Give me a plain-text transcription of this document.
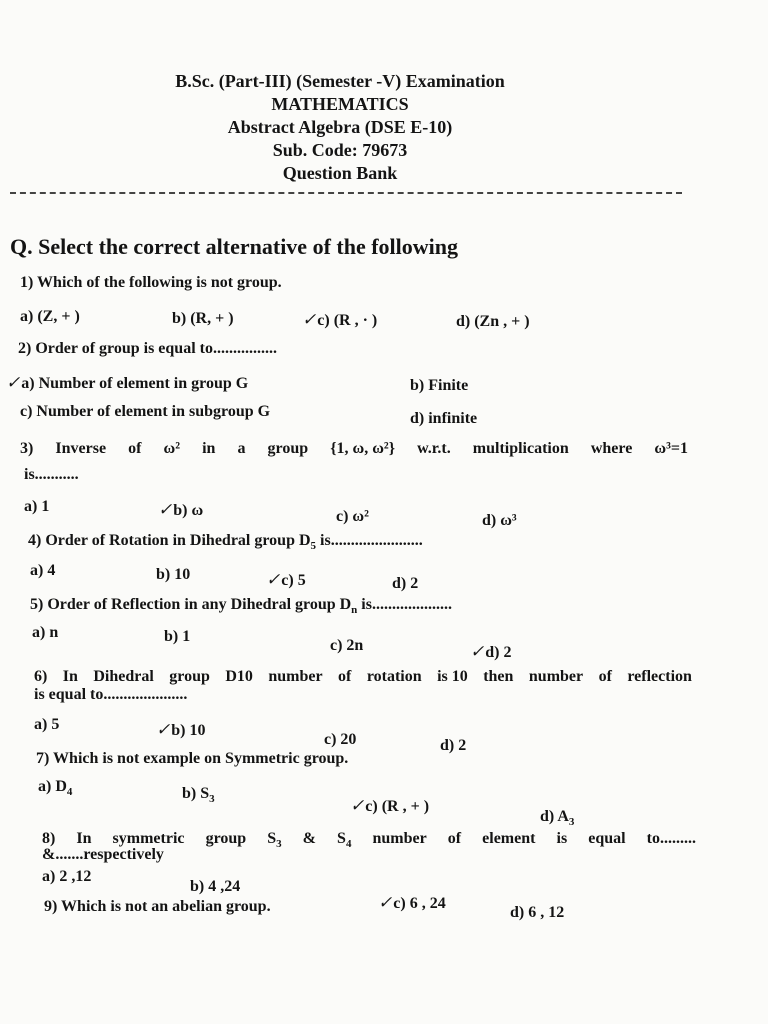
B.Sc. (Part-III) (Semester -V) Examination
MATHEMATICS
Abstract Algebra (DSE E-10)
Sub. Code: 79673
Question Bank
Q. Select the correct alternative of the following
1) Which of the following is not group.
a) (Z, + )	b) (R, + )	✓c) (R , · )	d) (Zn , + )
2) Order of group is equal to................
✓a) Number of element in group G	b) Finite
c) Number of element in subgroup G	d) infinite
3) Inverse of ω² in a group {1, ω, ω²} w.r.t. multiplication where ω³=1
is...........
a) 1	✓b) ω	c) ω²	d) ω³
4) Order of Rotation in Dihedral group $D_5$ is.......................
a) 4	b) 10	✓c) 5	d) 2
5) Order of Reflection in any Dihedral group $D_n$ is....................
a) n	b) 1
c) 2n	✓d) 2
6) In Dihedral group D10 number of rotation is 10 then number of reflection
is equal to.....................
a) 5	✓b) 10
c) 20	d) 2
7) Which is not example on Symmetric group.
a) $D_4$	b) $S_3$	✓c) (R , + )
d) $A_3$
8) In symmetric group $S_3$ & $S_4$ number of element is equal to.........
&.......respectively
a) 2 ,12
b) 4 ,24
✓c) 6 , 24
d) 6 , 12
9) Which is not an abelian group.
